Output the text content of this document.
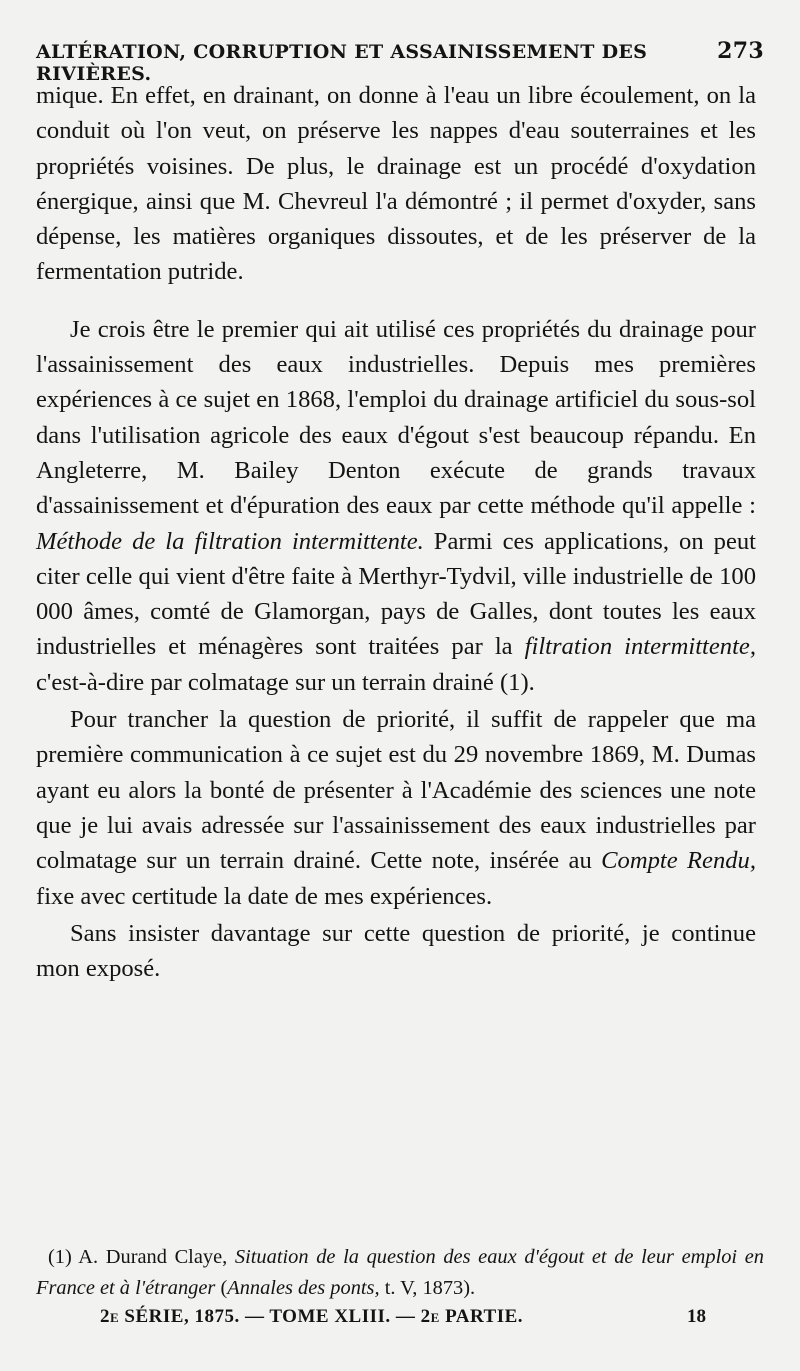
ALTÉRATION, CORRUPTION ET ASSAINISSEMENT DES RIVIÈRES.
273

mique. En effet, en drainant, on donne à l'eau un libre écoulement, on la conduit où l'on veut, on préserve les nappes d'eau souterraines et les propriétés voisines. De plus, le drainage est un procédé d'oxydation énergique, ainsi que M. Chevreul l'a démontré ; il permet d'oxyder, sans dépense, les matières organiques dissoutes, et de les préserver de la fermentation putride.

Je crois être le premier qui ait utilisé ces propriétés du drainage pour l'assainissement des eaux industrielles. Depuis mes premières expériences à ce sujet en 1868, l'emploi du drainage artificiel du sous-sol dans l'utilisation agricole des eaux d'égout s'est beaucoup répandu. En Angleterre, M. Bailey Denton exécute de grands travaux d'assainissement et d'épuration des eaux par cette méthode qu'il appelle : Méthode de la filtration intermittente. Parmi ces applications, on peut citer celle qui vient d'être faite à Merthyr-Tydvil, ville industrielle de 100 000 âmes, comté de Glamorgan, pays de Galles, dont toutes les eaux industrielles et ménagères sont traitées par la filtration intermittente, c'est-à-dire par colmatage sur un terrain drainé (1).

Pour trancher la question de priorité, il suffit de rappeler que ma première communication à ce sujet est du 29 novembre 1869, M. Dumas ayant eu alors la bonté de présenter à l'Académie des sciences une note que je lui avais adressée sur l'assainissement des eaux industrielles par colmatage sur un terrain drainé. Cette note, insérée au Compte Rendu, fixe avec certitude la date de mes expériences.

Sans insister davantage sur cette question de priorité, je continue mon exposé.

(1) A. Durand Claye, Situation de la question des eaux d'égout et de leur emploi en France et à l'étranger (Annales des ponts, t. V, 1873).
2e SÉRIE, 1875. — TOME XLIII. — 2e PARTIE.	18
